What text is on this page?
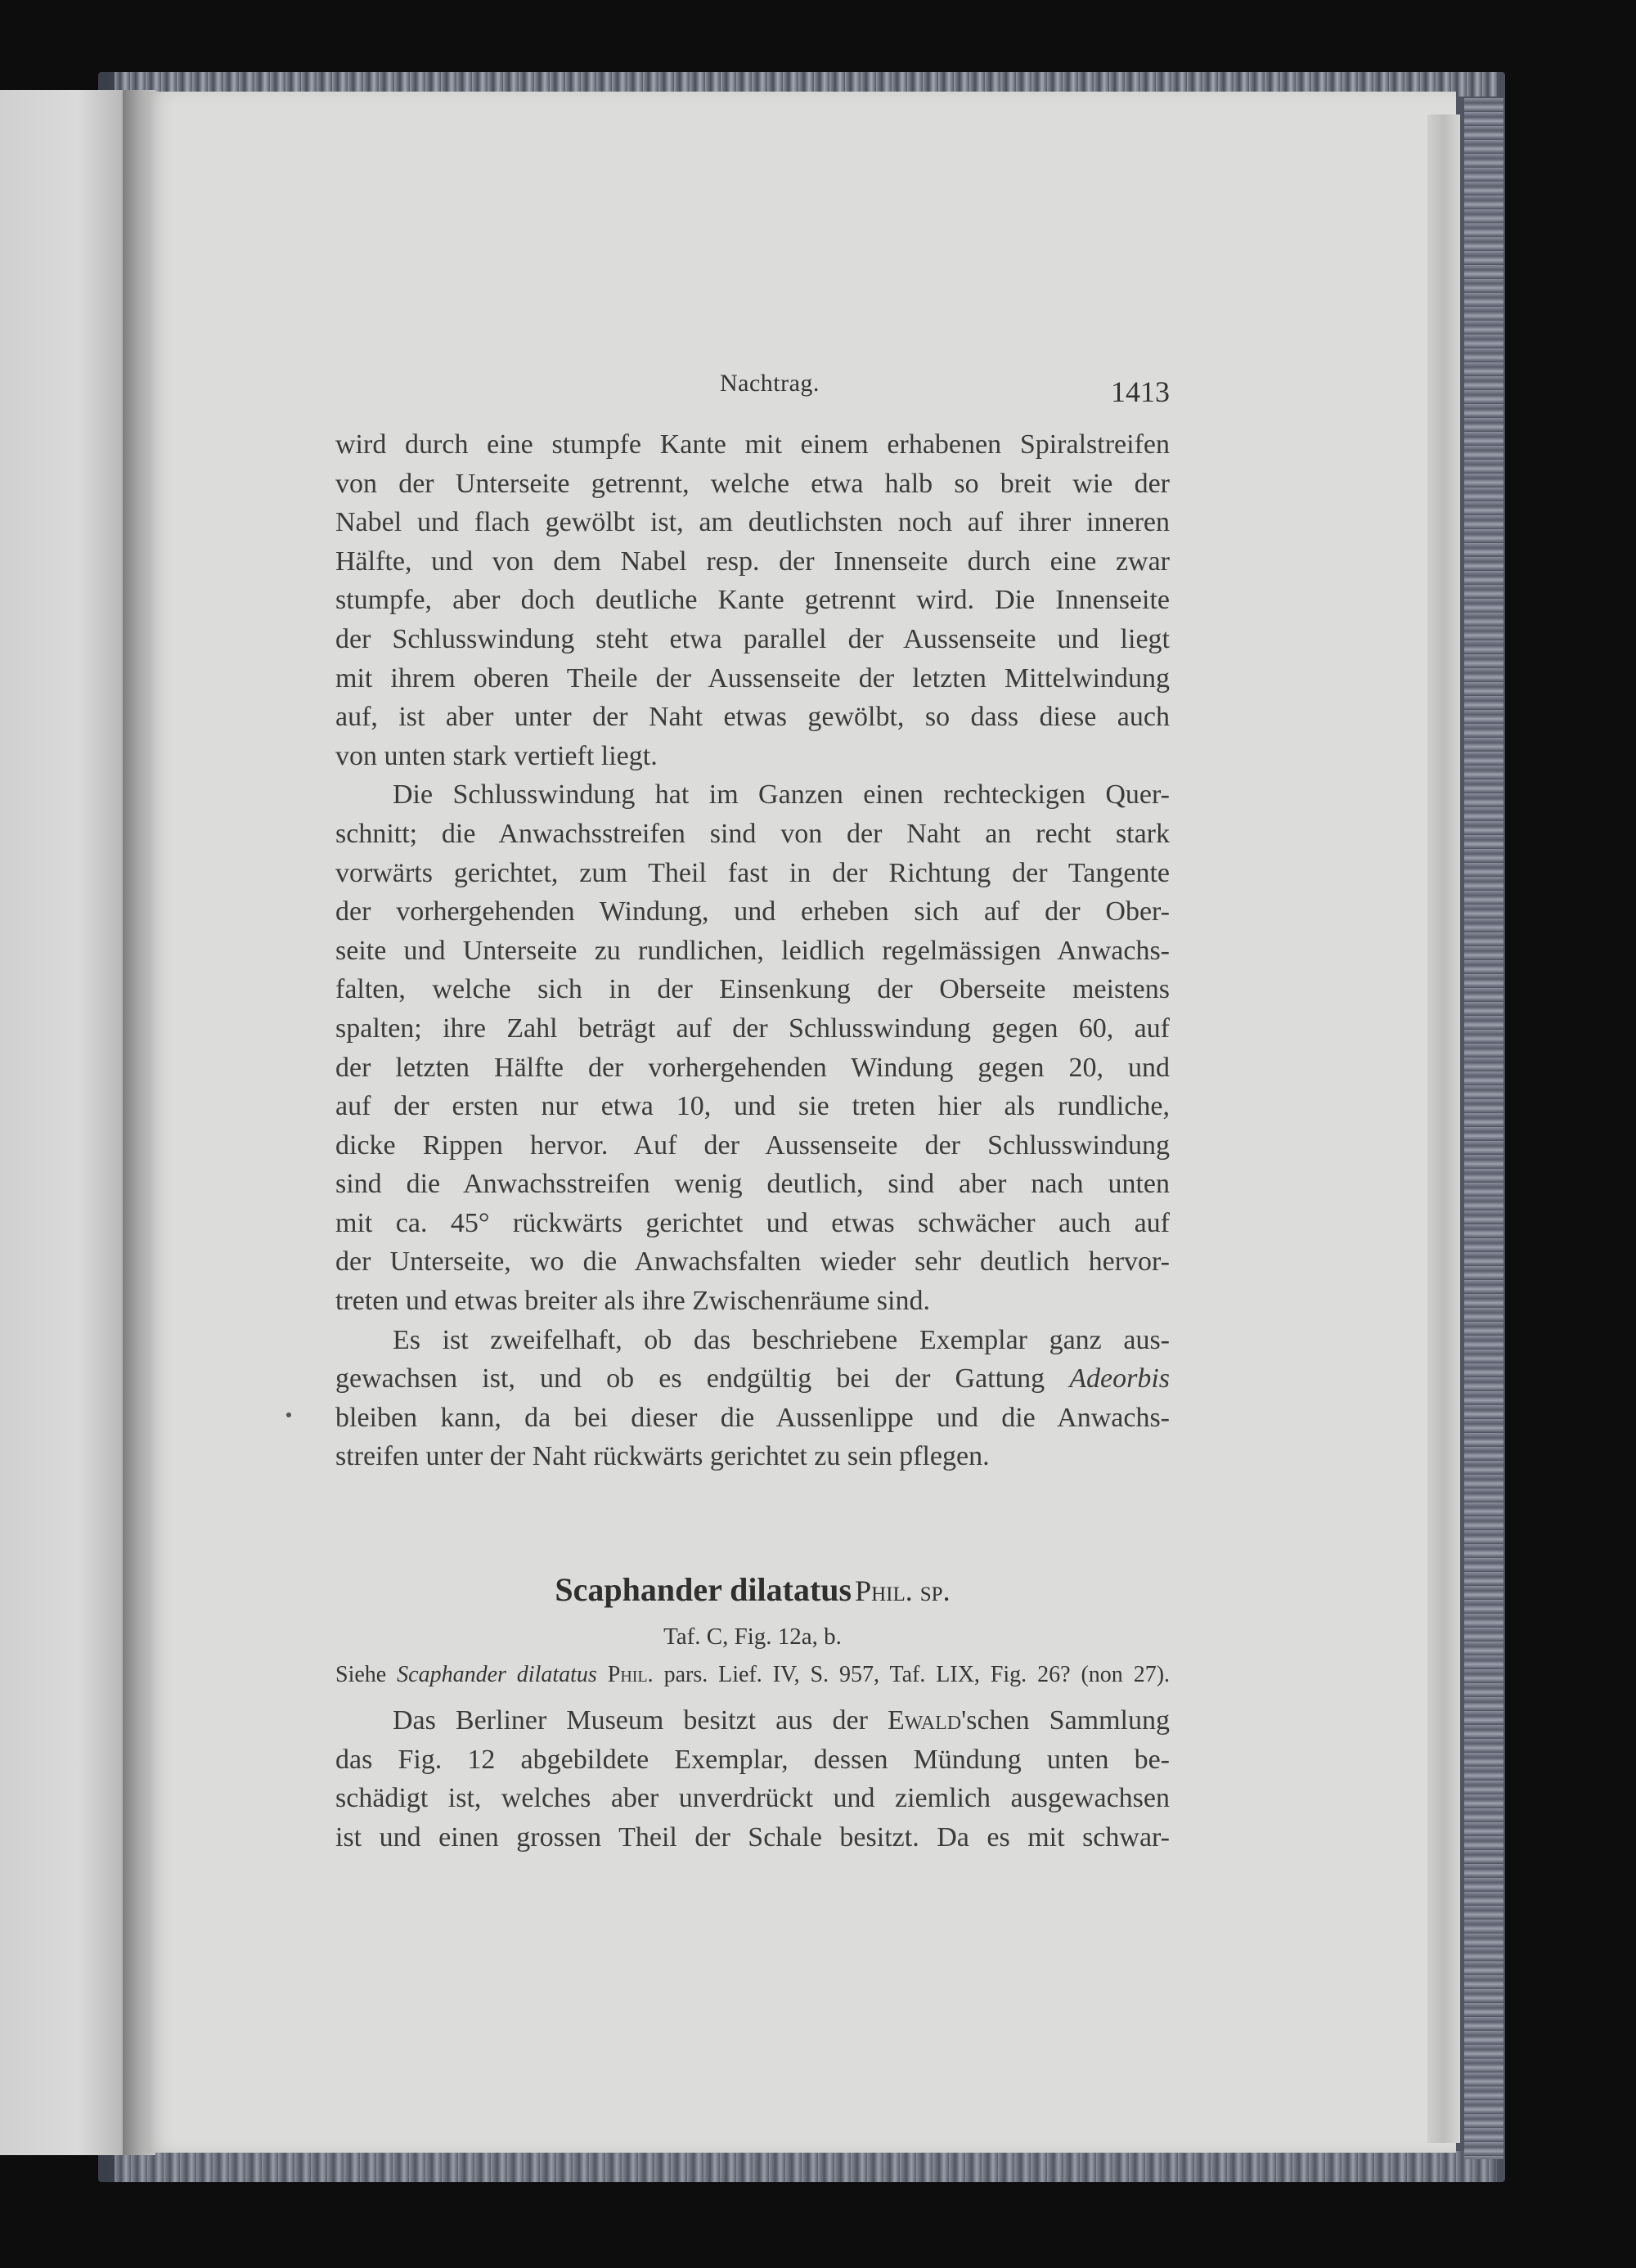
Nachtrag.	1413
wird durch eine stumpfe Kante mit einem erhabenen Spiralstreifen
von der Unterseite getrennt, welche etwa halb so breit wie der
Nabel und flach gewölbt ist, am deutlichsten noch auf ihrer inneren
Hälfte, und von dem Nabel resp. der Innenseite durch eine zwar
stumpfe, aber doch deutliche Kante getrennt wird. Die Innenseite
der Schlusswindung steht etwa parallel der Aussenseite und liegt
mit ihrem oberen Theile der Aussenseite der letzten Mittelwindung
auf, ist aber unter der Naht etwas gewölbt, so dass diese auch
von unten stark vertieft liegt.
Die Schlusswindung hat im Ganzen einen rechteckigen Quer-
schnitt; die Anwachsstreifen sind von der Naht an recht stark
vorwärts gerichtet, zum Theil fast in der Richtung der Tangente
der vorhergehenden Windung, und erheben sich auf der Ober-
seite und Unterseite zu rundlichen, leidlich regelmässigen Anwachs-
falten, welche sich in der Einsenkung der Oberseite meistens
spalten; ihre Zahl beträgt auf der Schlusswindung gegen 60, auf
der letzten Hälfte der vorhergehenden Windung gegen 20, und
auf der ersten nur etwa 10, und sie treten hier als rundliche,
dicke Rippen hervor. Auf der Aussenseite der Schlusswindung
sind die Anwachsstreifen wenig deutlich, sind aber nach unten
mit ca. 45° rückwärts gerichtet und etwas schwächer auch auf
der Unterseite, wo die Anwachsfalten wieder sehr deutlich hervor-
treten und etwas breiter als ihre Zwischenräume sind.
Es ist zweifelhaft, ob das beschriebene Exemplar ganz aus-
gewachsen ist, und ob es endgültig bei der Gattung Adeorbis
bleiben kann, da bei dieser die Aussenlippe und die Anwachs-
streifen unter der Naht rückwärts gerichtet zu sein pflegen.
Scaphander dilatatus Phil. sp.
Taf. C, Fig. 12a, b.
Siehe Scaphander dilatatus Phil. pars. Lief. IV, S. 957, Taf. LIX, Fig. 26? (non 27).
Das Berliner Museum besitzt aus der Ewald'schen Sammlung
das Fig. 12 abgebildete Exemplar, dessen Mündung unten be-
schädigt ist, welches aber unverdrückt und ziemlich ausgewachsen
ist und einen grossen Theil der Schale besitzt. Da es mit schwar-
